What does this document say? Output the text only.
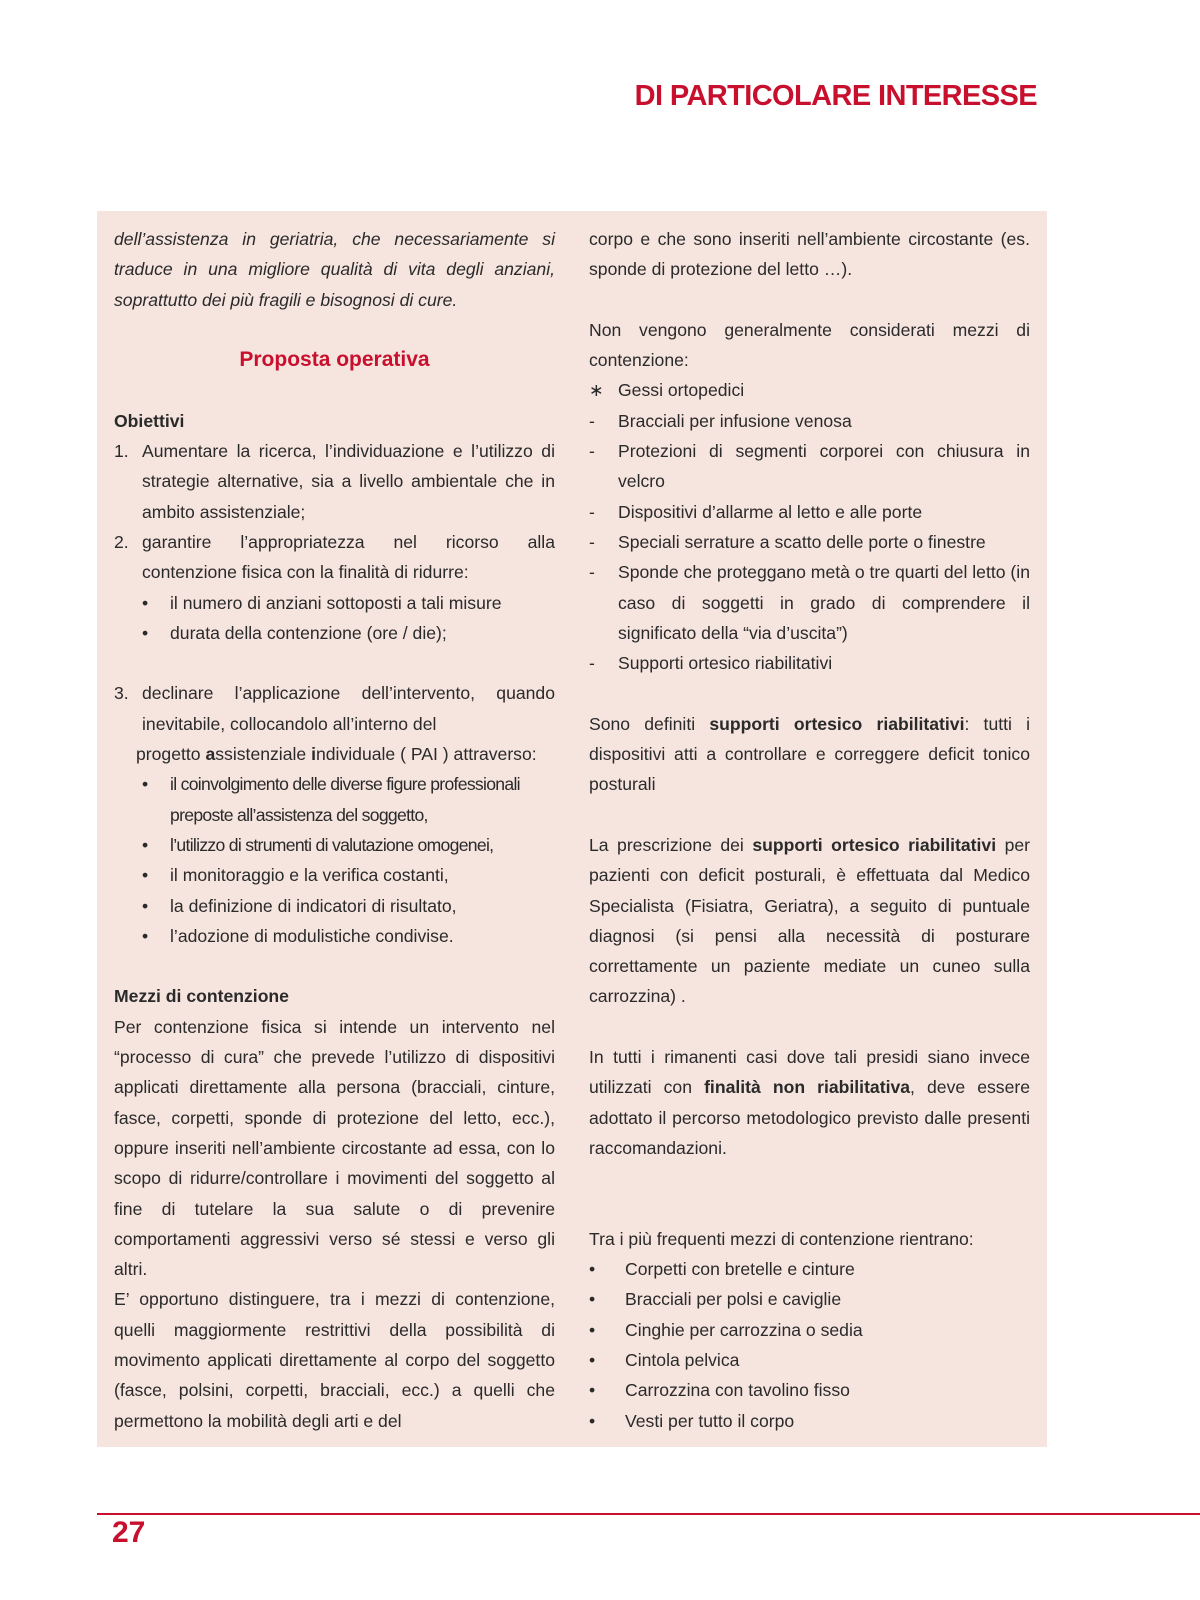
DI PARTICOLARE INTERESSE

dell’assistenza in geriatria, che necessariamente si traduce in una migliore qualità di vita degli anziani, soprattutto dei più fragili e bisognosi di cure.

Proposta operativa

Obiettivi

1. Aumentare la ricerca, l’individuazione e l’utilizzo di strategie alternative, sia a livello ambientale che in ambito assistenziale;
2. garantire l’appropriatezza nel ricorso alla contenzione fisica con la finalità di ridurre:
• il numero di anziani sottoposti a tali misure
• durata della contenzione (ore / die);
3. declinare l’applicazione dell’intervento, quando inevitabile, collocandolo all’interno del

progetto assistenziale individuale ( PAI ) attraverso:

• il coinvolgimento delle diverse figure professionali preposte all’assistenza del soggetto,
• l’utilizzo di strumenti di valutazione omogenei,
• il monitoraggio e la verifica costanti,
• la definizione di indicatori di risultato,
• l’adozione di modulistiche condivise.

Mezzi di contenzione

Per contenzione fisica si intende un intervento nel “processo di cura” che prevede l’utilizzo di dispositivi applicati direttamente alla persona (bracciali, cinture, fasce, corpetti, sponde di protezione del letto, ecc.), oppure inseriti nell’ambiente circostante ad essa, con lo scopo di ridurre/controllare i movimenti del soggetto al fine di tutelare la sua salute o di prevenire comportamenti aggressivi verso sé stessi e verso gli altri.

E’ opportuno distinguere, tra i mezzi di contenzione, quelli maggiormente restrittivi della possibilità di movimento applicati direttamente al corpo del soggetto (fasce, polsini, corpetti, bracciali, ecc.) a quelli che permettono la mobilità degli arti e del

corpo e che sono inseriti nell’ambiente circostante (es. sponde di protezione del letto …).

Non vengono generalmente considerati mezzi di contenzione:

∗ Gessi ortopedici
- Bracciali per infusione venosa
- Protezioni di segmenti corporei con chiusura in velcro
- Dispositivi d’allarme al letto e alle porte
- Speciali serrature a scatto delle porte o finestre
- Sponde che proteggano metà o tre quarti del letto (in caso di soggetti in grado di comprendere il significato della “via d’uscita”)
- Supporti ortesico riabilitativi

Sono definiti supporti ortesico riabilitativi: tutti i dispositivi atti a controllare e correggere deficit tonico posturali

La prescrizione dei supporti ortesico riabilitativi per pazienti con deficit posturali, è effettuata dal Medico Specialista (Fisiatra, Geriatra), a seguito di puntuale diagnosi (si pensi alla necessità di posturare correttamente un paziente mediate un cuneo sulla carrozzina) .

In tutti i rimanenti casi dove tali presidi siano invece utilizzati con finalità non riabilitativa, deve essere adottato il percorso metodologico previsto dalle presenti raccomandazioni.

Tra i più frequenti mezzi di contenzione rientrano:

• Corpetti con bretelle e cinture
• Bracciali per polsi e caviglie
• Cinghie per carrozzina o sedia
• Cintola pelvica
• Carrozzina con tavolino fisso
• Vesti per tutto il corpo
27
